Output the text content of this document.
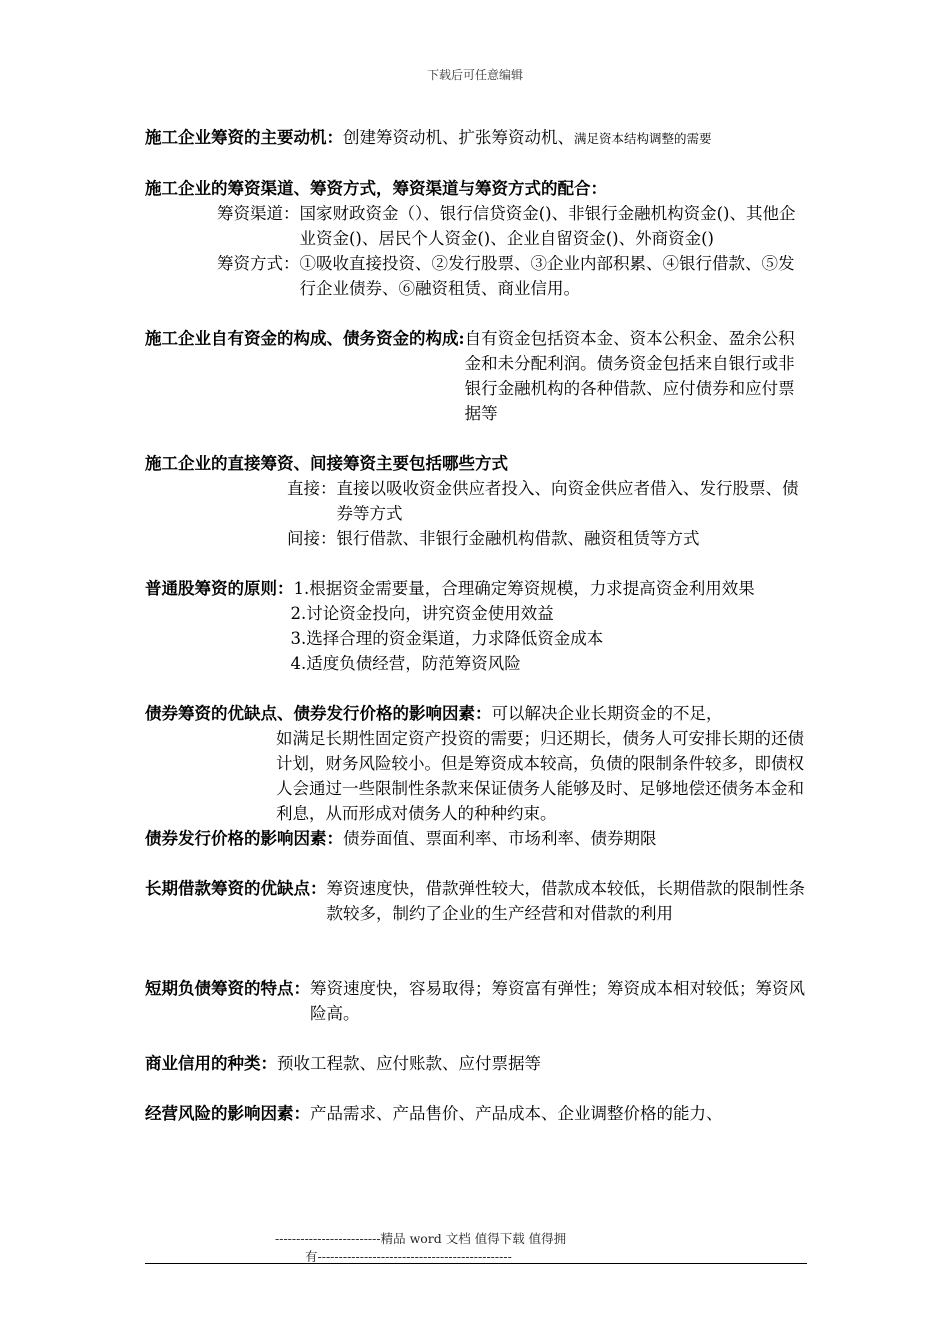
下载后可任意编辑
施工企业筹资的主要动机： 创建筹资动机、扩张筹资动机、满足资本结构调整的需要
施工企业的筹资渠道、筹资方式，筹资渠道与筹资方式的配合：
筹资渠道： 国家财政资金（）、银行信贷资金()、非银行金融机构资金()、其他企业资金()、居民个人资金()、企业自留资金()、外商资金()
筹资方式： ①吸收直接投资、②发行股票、③企业内部积累、④银行借款、⑤发行企业债券、⑥融资租赁、商业信用。
施工企业自有资金的构成、债务资金的构成: 自有资金包括资本金、资本公积金、盈余公积金和未分配利润。债务资金包括来自银行或非银行金融机构的各种借款、应付债券和应付票据等
施工企业的直接筹资、间接筹资主要包括哪些方式
直接： 直接以吸收资金供应者投入、向资金供应者借入、发行股票、债券等方式
间接： 银行借款、非银行金融机构借款、融资租赁等方式
普通股筹资的原则： 1.根据资金需要量，合理确定筹资规模，力求提高资金利用效果
2.讨论资金投向，讲究资金使用效益
3.选择合理的资金渠道，力求降低资金成本
4.适度负债经营，防范筹资风险
债券筹资的优缺点、债券发行价格的影响因素： 可以解决企业长期资金的不足，
如满足长期性固定资产投资的需要；归还期长，债务人可安排长期的还债计划，财务风险较小。但是筹资成本较高，负债的限制条件较多，即债权人会通过一些限制性条款来保证债务人能够及时、足够地偿还债务本金和利息，从而形成对债务人的种种约束。
债券发行价格的影响因素： 债券面值、票面利率、市场利率、债券期限
长期借款筹资的优缺点： 筹资速度快，借款弹性较大，借款成本较低，长期借款的限制性条款较多，制约了企业的生产经营和对借款的利用
短期负债筹资的特点： 筹资速度快，容易取得；筹资富有弹性；筹资成本相对较低；筹资风险高。
商业信用的种类： 预收工程款、应付账款、应付票据等
经营风险的影响因素： 产品需求、产品售价、产品成本、企业调整价格的能力、
-------------------------精品 word 文档 值得下载 值得拥
有----------------------------------------------
